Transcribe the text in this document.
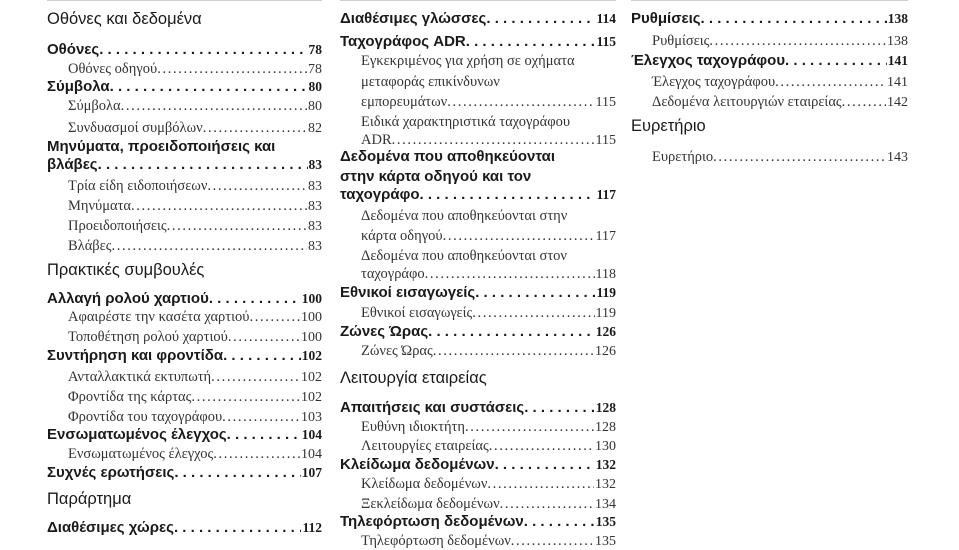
Οθόνες και δεδομένα
Οθόνες . . .	78
Οθόνες οδηγού . . .	78
Σύμβολα . . .	80
Σύμβολα . . .	80
Συνδυασμοί συμβόλων . . .	82
Μηνύματα, προειδοποιήσεις και
βλάβες . . .	83
Τρία είδη ειδοποιήσεων . . .	83
Μηνύματα . . .	83
Προειδοποιήσεις . . .	83
Βλάβες . . .	83
Πρακτικές συμβουλές
Αλλαγή ρολού χαρτιού . . .	100
Αφαιρέστε την κασέτα χαρτιού . . .	100
Τοποθέτηση ρολού χαρτιού . . .	100
Συντήρηση και φροντίδα . . .	102
Ανταλλακτικά εκτυπωτή . . .	102
Φροντίδα της κάρτας . . .	102
Φροντίδα του ταχογράφου . . .	103
Ενσωματωμένος έλεγχος . . .	104
Ενσωματωμένος έλεγχος . . .	104
Συχνές ερωτήσεις . . .	107
Παράρτημα
Διαθέσιμες χώρες . . .	112
Διαθέσιμες γλώσσες . . .	114
Ταχογράφος ADR . . .	115
Εγκεκριμένος για χρήση σε οχήματα
μεταφοράς επικίνδυνων
εμπορευμάτων . . .	115
Ειδικά χαρακτηριστικά ταχογράφου
ADR . . .	115
Δεδομένα που αποθηκεύονται
στην κάρτα οδηγού και τον
ταχογράφο . . .	117
Δεδομένα που αποθηκεύονται στην
κάρτα οδηγού . . .	117
Δεδομένα που αποθηκεύονται στον
ταχογράφο . . .	118
Εθνικοί εισαγωγείς . . .	119
Εθνικοί εισαγωγείς . . .	119
Ζώνες Ώρας . . .	126
Ζώνες Ώρας . . .	126
Λειτουργία εταιρείας
Απαιτήσεις και συστάσεις . . .	128
Ευθύνη ιδιοκτήτη . . .	128
Λειτουργίες εταιρείας . . .	130
Κλείδωμα δεδομένων . . .	132
Κλείδωμα δεδομένων . . .	132
Ξεκλείδωμα δεδομένων . . .	134
Τηλεφόρτωση δεδομένων . . .	135
Τηλεφόρτωση δεδομένων . . .	135
Ρυθμίσεις . . .	138
Ρυθμίσεις . . .	138
Έλεγχος ταχογράφου . . .	141
Έλεγχος ταχογράφου . . .	141
Δεδομένα λειτουργιών εταιρείας . . .	142
Ευρετήριο
Ευρετήριο . . .	143
